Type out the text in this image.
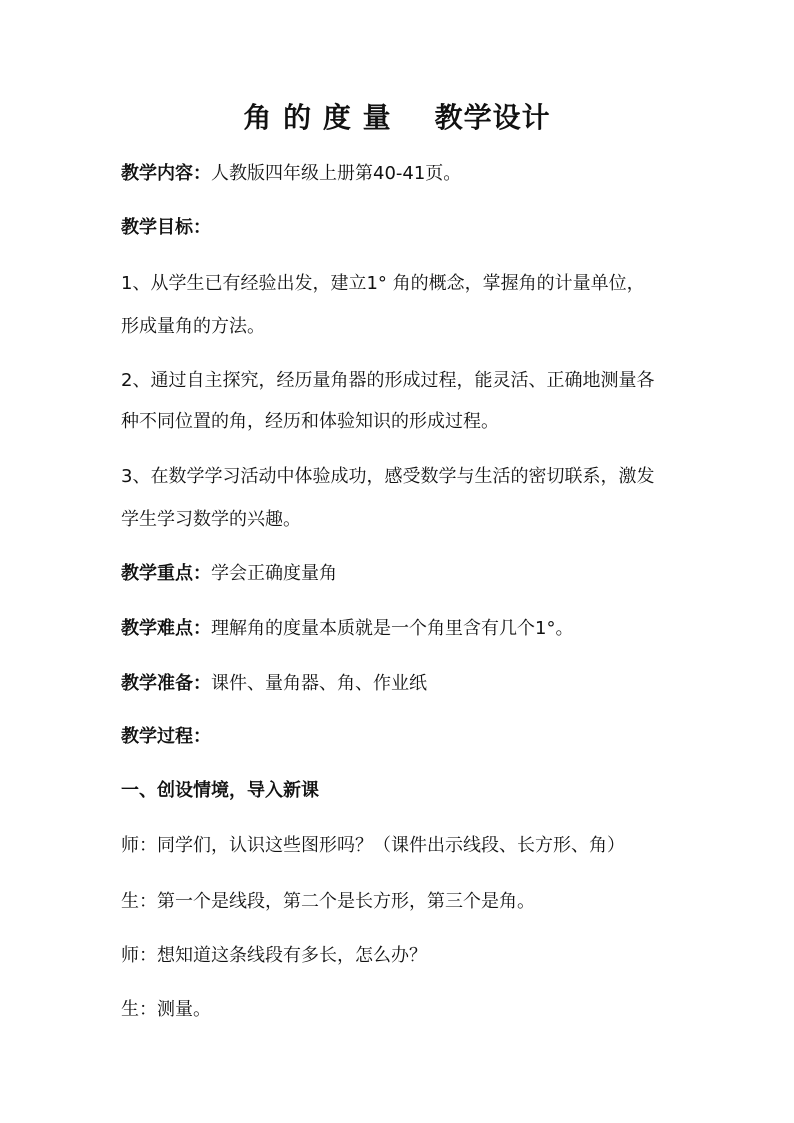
角 的 度 量    教学设计
教学内容：人教版四年级上册第40-41页。
教学目标：
1、从学生已有经验出发，建立1° 角的概念，掌握角的计量单位，
形成量角的方法。
2、通过自主探究，经历量角器的形成过程，能灵活、正确地测量各
种不同位置的角，经历和体验知识的形成过程。
3、在数学学习活动中体验成功，感受数学与生活的密切联系，激发
学生学习数学的兴趣。
教学重点：学会正确度量角
教学难点：理解角的度量本质就是一个角里含有几个1°。
教学准备：课件、量角器、角、作业纸
教学过程：
一、创设情境，导入新课
师：同学们，认识这些图形吗？（课件出示线段、长方形、角）
生：第一个是线段，第二个是长方形，第三个是角。
师：想知道这条线段有多长，怎么办？
生：测量。
